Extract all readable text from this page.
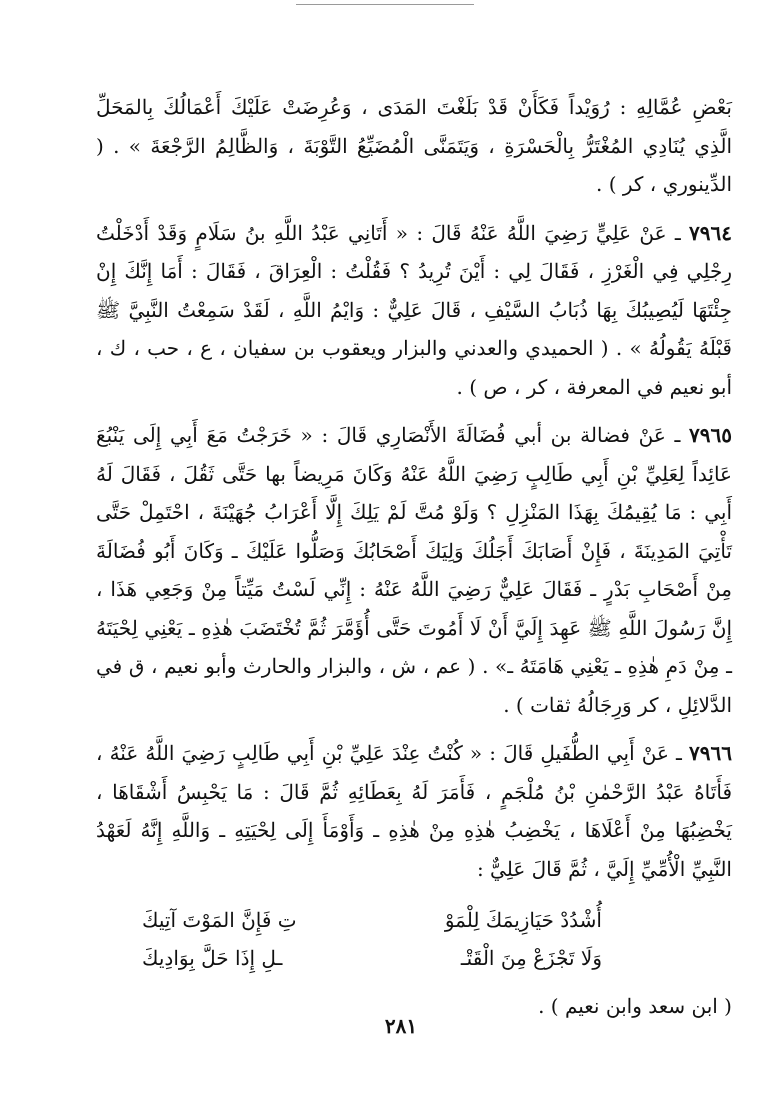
بَعْضِ عُمَّالِهِ : رُوَيْداً فَكَأَنْ قَدْ بَلَغْتَ المَدَى ، وَعُرِضَتْ عَلَيْكَ أَعْمَالُكَ بِالمَحَلِّ الَّذِي يُنَادِي المُغْتَرُّ بِالْحَسْرَةِ ، وَيَتَمَنَّى الْمُضَيِّعُ التَّوْبَةَ ، وَالظَّالِمُ الرَّجْعَةَ » . ( الدِّينوري ، كر ) .

٧٩٦٤ ـ عَنْ عَلِيٍّ رَضِيَ اللَّهُ عَنْهُ قَالَ : « أَتَانِي عَبْدُ اللَّهِ بنُ سَلَامٍ وَقَدْ أَدْخَلْتُ رِجْلِي فِي الْغَرْزِ ، فَقَالَ لِي : أَيْنَ تُرِيدُ ؟ فَقُلْتُ : الْعِرَاقَ ، فَقَالَ : أَمَا إِنَّكَ إِنْ جِئْتَهَا لَيُصِيبُكَ بِهَا ذُبَابُ السَّيْفِ ، قَالَ عَلِيٌّ : وَايْمُ اللَّهِ ، لَقَدْ سَمِعْتُ النَّبِيَّ ﷺ قَبْلَهُ يَقُولُهُ » . ( الحميدي والعدني والبزار ويعقوب بن سفيان ، ع ، حب ، ك ، أبو نعيم في المعرفة ، كر ، ص ) .

٧٩٦٥ ـ عَنْ فضالة بن أبي فُضَالَةَ الأَنْصَارِي قَالَ : « خَرَجْتُ مَعَ أَبِي إِلَى يَنْبُعَ عَائِداً لِعَلِيِّ بْنِ أَبِي طَالِبٍ رَضِيَ اللَّهُ عَنْهُ وَكَانَ مَرِيضاً بها حَتَّى ثَقُلَ ، فَقَالَ لَهُ أَبِي : مَا يُقِيمُكَ بِهَذَا المَنْزِلِ ؟ وَلَوْ مُتَّ لَمْ يَلِكَ إِلَّا أَعْرَابُ جُهَيْنَةَ ، احْتَمِلْ حَتَّى تَأْتِيَ المَدِينَةَ ، فَإِنْ أَصَابَكَ أَجَلُكَ وَلِيَكَ أَصْحَابُكَ وَصَلُّوا عَلَيْكَ ـ وَكَانَ أَبُو فُضَالَةَ مِنْ أَصْحَابِ بَدْرٍ ـ فَقَالَ عَلِيٌّ رَضِيَ اللَّهُ عَنْهُ : إِنِّي لَسْتُ مَيِّتاً مِنْ وَجَعِي هَذَا ، إِنَّ رَسُولَ اللَّهِ ﷺ عَهِدَ إِلَيَّ أَنْ لَا أَمُوتَ حَتَّى أُؤَمَّرَ ثُمَّ تُخْتَضَبَ هٰذِهِ ـ يَعْنِي لِحْيَتَهُ ـ مِنْ دَمِ هٰذِهِ ـ يَعْنِي هَامَتَهُ ـ» . ( عم ، ش ، والبزار والحارث وأبو نعيم ، ق في الدَّلائِلِ ، كر وَرِجَالُهُ ثقات ) .

٧٩٦٦ ـ عَنْ أَبِي الطُّفَيلِ قَالَ : « كُنْتُ عِنْدَ عَلِيِّ بْنِ أَبِي طَالِبٍ رَضِيَ اللَّهُ عَنْهُ ، فَأَتَاهُ عَبْدُ الرَّحْمٰنِ بْنُ مُلْجَمٍ ، فَأَمَرَ لَهُ بِعَطَائِهِ ثُمَّ قَالَ : مَا يَحْبِسُ أَشْقَاهَا ، يَخْضِبُهَا مِنْ أَعْلَاهَا ، يَخْضِبُ هٰذِهِ مِنْ هٰذِهِ ـ وَأَوْمَأَ إِلَى لِحْيَتِهِ ـ وَاللَّهِ إِنَّهُ لَعَهْدُ النَّبِيِّ الْأُمِّيِّ إِلَيَّ ، ثُمَّ قَالَ عَلِيٌّ :

أُشْدُدْ حَيَازِيمَكَ لِلْمَوْ
تِ فَإِنَّ المَوْتَ آتِيكَ
وَلَا تَجْزَعْ مِنَ الْقَتْـ
ـلِ إِذَا حَلَّ بِوَادِيكَ

( ابن سعد وابن نعيم ) .

٢٨١
